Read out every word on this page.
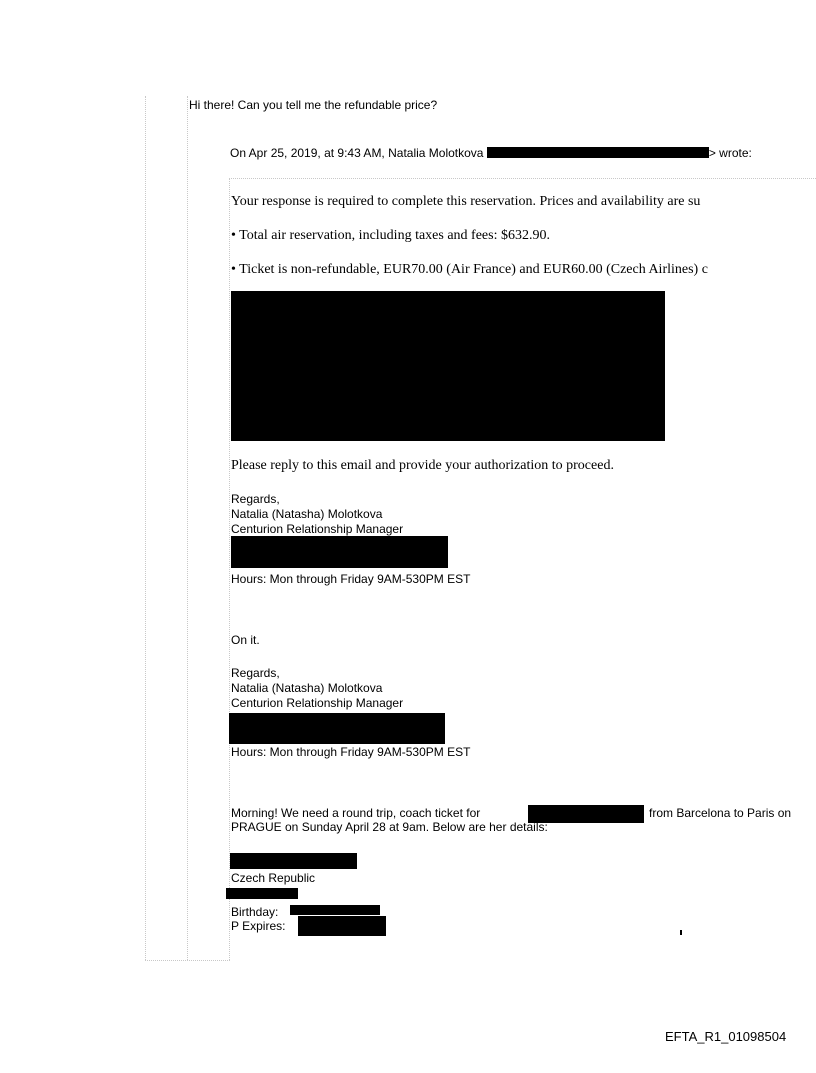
Hi there! Can you tell me the refundable price?
On Apr 25, 2019, at 9:43 AM, Natalia Molotkova	> wrote:
Your response is required to complete this reservation. Prices and availability are su
• Total air reservation, including taxes and fees: $632.90.
• Ticket is non-refundable, EUR70.00 (Air France) and EUR60.00 (Czech Airlines) c
Please reply to this email and provide your authorization to proceed.
Regards,
Natalia (Natasha) Molotkova
Centurion Relationship Manager
Hours: Mon through Friday 9AM-530PM EST
On it.
Regards,
Natalia (Natasha) Molotkova
Centurion Relationship Manager
Hours: Mon through Friday 9AM-530PM EST
Morning! We need a round trip, coach ticket for	from Barcelona to Paris on
PRAGUE on Sunday April 28 at 9am. Below are her details:
Czech Republic
Birthday:
P Expires:
EFTA_R1_01098504
